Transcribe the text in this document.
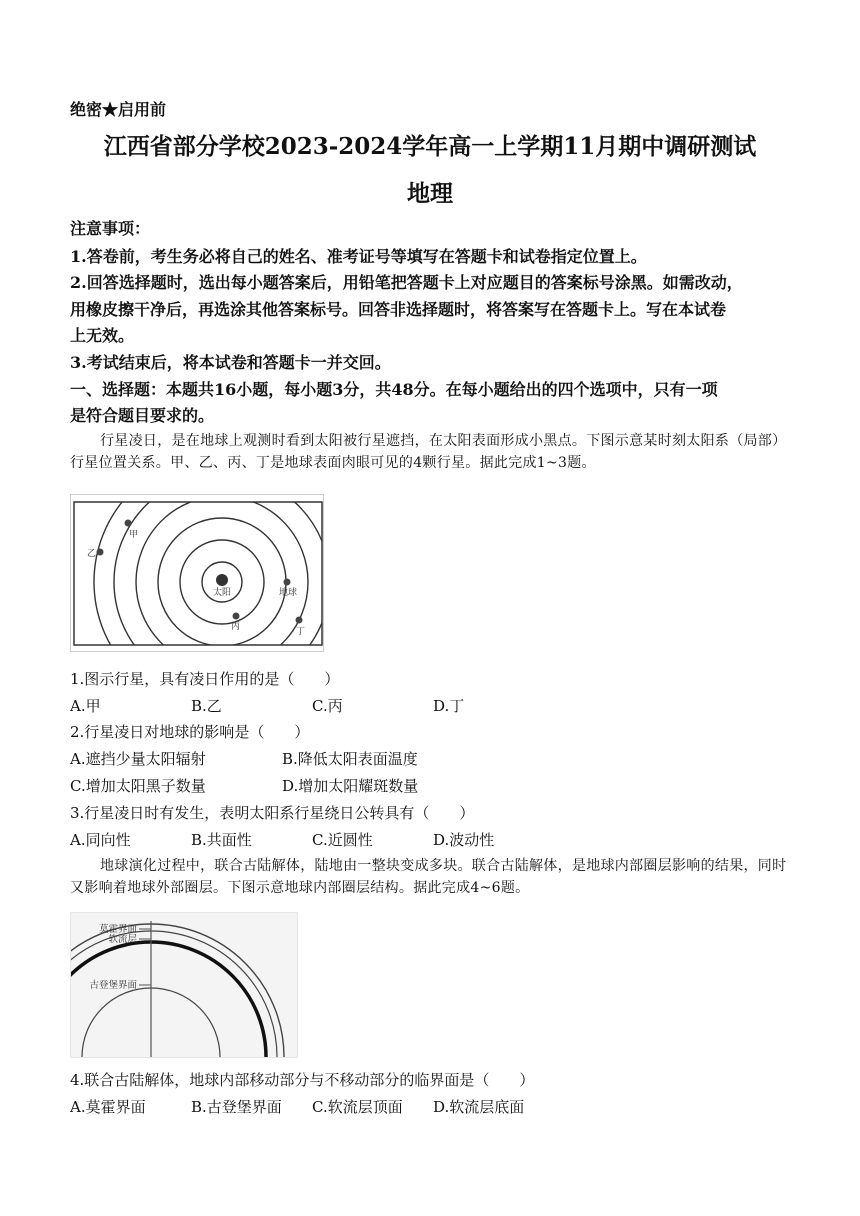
绝密★启用前
江西省部分学校2023-2024学年高一上学期11月期中调研测试
地理
注意事项：
1.答卷前，考生务必将自己的姓名、准考证号等填写在答题卡和试卷指定位置上。
2.回答选择题时，选出每小题答案后，用铅笔把答题卡上对应题目的答案标号涂黑。如需改动，
用橡皮擦干净后，再选涂其他答案标号。回答非选择题时，将答案写在答题卡上。写在本试卷
上无效。
3.考试结束后，将本试卷和答题卡一并交回。
一、选择题：本题共16小题，每小题3分，共48分。在每小题给出的四个选项中，只有一项
是符合题目要求的。
行星凌日，是在地球上观测时看到太阳被行星遮挡，在太阳表面形成小黑点。下图示意某时刻太阳系（局部）行星位置关系。甲、乙、丙、丁是地球表面肉眼可见的4颗行星。据此完成1~3题。
太阳	地球
丙	丁
甲
乙
1.图示行星，具有凌日作用的是（　　）
A.甲	B.乙	C.丙	D.丁
2.行星凌日对地球的影响是（　　）
A.遮挡少量太阳辐射	B.降低太阳表面温度
C.增加太阳黑子数量	D.增加太阳耀斑数量
3.行星凌日时有发生，表明太阳系行星绕日公转具有（　　）
A.同向性	B.共面性	C.近圆性	D.波动性
地球演化过程中，联合古陆解体，陆地由一整块变成多块。联合古陆解体，是地球内部圈层影响的结果，同时又影响着地球外部圈层。下图示意地球内部圈层结构。据此完成4~6题。
莫霍界面
软流层
古登堡界面
4.联合古陆解体，地球内部移动部分与不移动部分的临界面是（　　）
A.莫霍界面	B.古登堡界面 C.软流层顶面 D.软流层底面
